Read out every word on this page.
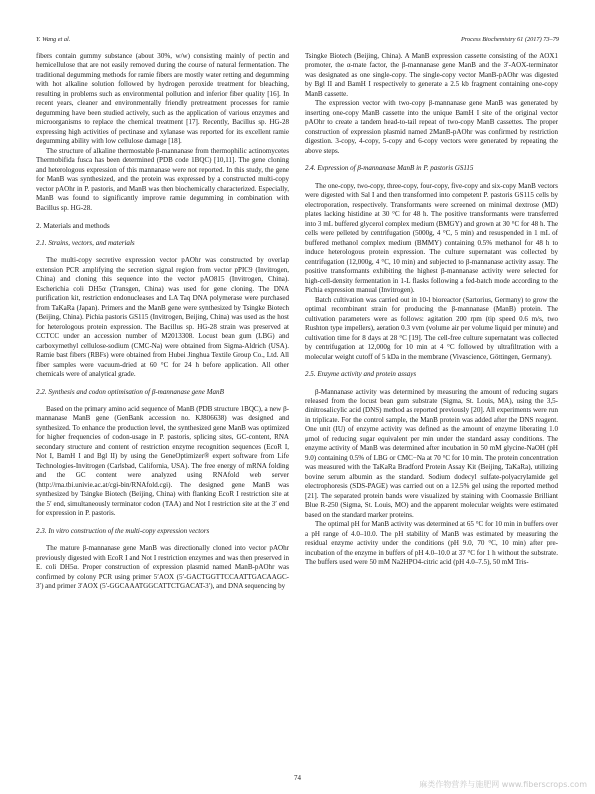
Y. Wang et al.	Process Biochemistry 61 (2017) 73–79

fibers contain gummy substance (about 30%, w/w) consisting mainly of pectin and hemicellulose that are not easily removed during the course of natural fermentation. The traditional degumming methods for ramie fibers are mostly water retting and degumming with hot alkaline solution followed by hydrogen peroxide treatment for bleaching, resulting in problems such as environmental pollution and inferior fiber quality [16]. In recent years, cleaner and environmentally friendly pretreatment processes for ramie degumming have been studied actively, such as the application of various enzymes and microorganisms to replace the chemical treatment [17]. Recently, Bacillus sp. HG-28 expressing high activities of pectinase and xylanase was reported for its excellent ramie degumming ability with low cellulose damage [18].

The structure of alkaline thermostable β-mannanase from thermophilic actinomycetes Thermobifida fusca has been determined (PDB code 1BQC) [10,11]. The gene cloning and heterologous expression of this mannanase were not reported. In this study, the gene for ManB was synthesized, and the protein was expressed by a constructed multi-copy vector pAOhr in P. pastoris, and ManB was then biochemically characterized. Especially, ManB was found to significantly improve ramie degumming in combination with Bacillus sp. HG-28.

2. Materials and methods
2.1. Strains, vectors, and materials

The multi-copy secretive expression vector pAOhr was constructed by overlap extension PCR amplifying the secretion signal region from vector pPIC9 (Invitrogen, China) and cloning this sequence into the vector pAO815 (Invitrogen, China). Escherichia coli DH5α (Transgen, China) was used for gene cloning. The DNA purification kit, restriction endonucleases and LA Taq DNA polymerase were purchased from TaKaRa (Japan). Primers and the ManB gene were synthesized by Tsingke Biotech (Beijing, China). Pichia pastoris GS115 (Invitrogen, Beijing, China) was used as the host for heterologous protein expression. The Bacillus sp. HG-28 strain was preserved at CCTCC under an accession number of M2013308. Locust bean gum (LBG) and carboxymethyl cellulose-sodium (CMC-Na) were obtained from Sigma-Aldrich (USA). Ramie bast fibers (RBFs) were obtained from Hubei Jinghua Textile Group Co., Ltd. All fiber samples were vacuum-dried at 60 °C for 24 h before application. All other chemicals were of analytical grade.

2.2. Synthesis and codon optimisation of β-mannanase gene ManB

Based on the primary amino acid sequence of ManB (PDB structure 1BQC), a new β-mannanase ManB gene (GenBank accession no. KJ806638) was designed and synthesized. To enhance the production level, the synthesized gene ManB was optimized for higher frequencies of codon-usage in P. pastoris, splicing sites, GC-content, RNA secondary structure and content of restriction enzyme recognition sequences (EcoR I, Not I, BamH I and Bgl II) by using the GeneOptimizer® expert software from Life Technologies-Invitrogen (Carlsbad, California, USA). The free energy of mRNA folding and the GC content were analyzed using RNAfold web server (http://rna.tbi.univie.ac.at/cgi-bin/RNAfold.cgi). The designed gene ManB was synthesized by Tsingke Biotech (Beijing, China) with flanking EcoR I restriction site at the 5′ end, simultaneously terminator codon (TAA) and Not I restriction site at the 3′ end for expression in P. pastoris.

2.3. In vitro construction of the multi-copy expression vectors

The mature β-mannanase gene ManB was directionally cloned into vector pAOhr previously digested with EcoR I and Not I restriction enzymes and was then preserved in E. coli DH5α. Proper construction of expression plasmid named ManB-pAOhr was confirmed by colony PCR using primer 5′AOX (5′-GACTGGTTCCAATTGACAAGC-3′) and primer 3′AOX (5′-GGCAAATGGCATTCTGACAT-3′), and DNA sequencing by

Tsingke Biotech (Beijing, China). A ManB expression cassette consisting of the AOX1 promoter, the α-mate factor, the β-mannanase gene ManB and the 3′-AOX-terminator was designated as one single-copy. The single-copy vector ManB-pAOhr was digested by Bgl II and BamH I respectively to generate a 2.5 kb fragment containing one-copy ManB cassette.

The expression vector with two-copy β-mannanase gene ManB was generated by inserting one-copy ManB cassette into the unique BamH I site of the original vector pAOhr to create a tandem head-to-tail repeat of two-copy ManB cassettes. The proper construction of expression plasmid named 2ManB-pAOhr was confirmed by restriction digestion. 3-copy, 4-copy, 5-copy and 6-copy vectors were generated by repeating the above steps.

2.4. Expression of β-mannanase ManB in P. pastoris GS115

The one-copy, two-copy, three-copy, four-copy, five-copy and six-copy ManB vectors were digested with Sal I and then transformed into competent P. pastoris GS115 cells by electroporation, respectively. Transformants were screened on minimal dextrose (MD) plates lacking histidine at 30 °C for 48 h. The positive transformants were transferred into 3 mL buffered glycerol complex medium (BMGY) and grown at 30 °C for 48 h. The cells were pelleted by centrifugation (5000g, 4 °C, 5 min) and resuspended in 1 mL of buffered methanol complex medium (BMMY) containing 0.5% methanol for 48 h to induce heterologous protein expression. The culture supernatant was collected by centrifugation (12,000g, 4 °C, 10 min) and subjected to β-mannanase activity assay. The positive transformants exhibiting the highest β-mannanase activity were selected for high-cell-density fermentation in 1-L flasks following a fed-batch mode according to the Pichia expression manual (Invitrogen).

Batch cultivation was carried out in 10-l bioreactor (Sartorius, Germany) to grow the optimal recombinant strain for producing the β-mannanase (ManB) protein. The cultivation parameters were as follows: agitation 200 rpm (tip speed 0.6 m/s, two Rushton type impellers), aeration 0.3 vvm (volume air per volume liquid per minute) and cultivation time for 8 days at 28 °C [19]. The cell-free culture supernatant was collected by centrifugation at 12,000g for 10 min at 4 °C followed by ultrafiltration with a molecular weight cutoff of 5 kDa in the membrane (Vivascience, Göttingen, Germany).

2.5. Enzyme activity and protein assays

β-Mannanase activity was determined by measuring the amount of reducing sugars released from the locust bean gum substrate (Sigma, St. Louis, MA), using the 3,5-dinitrosalicylic acid (DNS) method as reported previously [20]. All experiments were run in triplicate. For the control sample, the ManB protein was added after the DNS reagent. One unit (IU) of enzyme activity was defined as the amount of enzyme liberating 1.0 μmol of reducing sugar equivalent per min under the standard assay conditions. The enzyme activity of ManB was determined after incubation in 50 mM glycine-NaOH (pH 9.0) containing 0.5% of LBG or CMC−Na at 70 °C for 10 min. The protein concentration was measured with the TaKaRa Bradford Protein Assay Kit (Beijing, TaKaRa), utilizing bovine serum albumin as the standard. Sodium dodecyl sulfate-polyacrylamide gel electrophoresis (SDS-PAGE) was carried out on a 12.5% gel using the reported method [21]. The separated protein bands were visualized by staining with Coomassie Brilliant Blue R-250 (Sigma, St. Louis, MO) and the apparent molecular weights were estimated based on the standard marker proteins.

The optimal pH for ManB activity was determined at 65 °C for 10 min in buffers over a pH range of 4.0–10.0. The pH stability of ManB was estimated by measuring the residual enzyme activity under the conditions (pH 9.0, 70 °C, 10 min) after pre-incubation of the enzyme in buffers of pH 4.0–10.0 at 37 °C for 1 h without the substrate. The buffers used were 50 mM Na2HPO4-citric acid (pH 4.0–7.5), 50 mM Tris-

74
麻类作物营养与施肥网 www.fiberscrops.com
